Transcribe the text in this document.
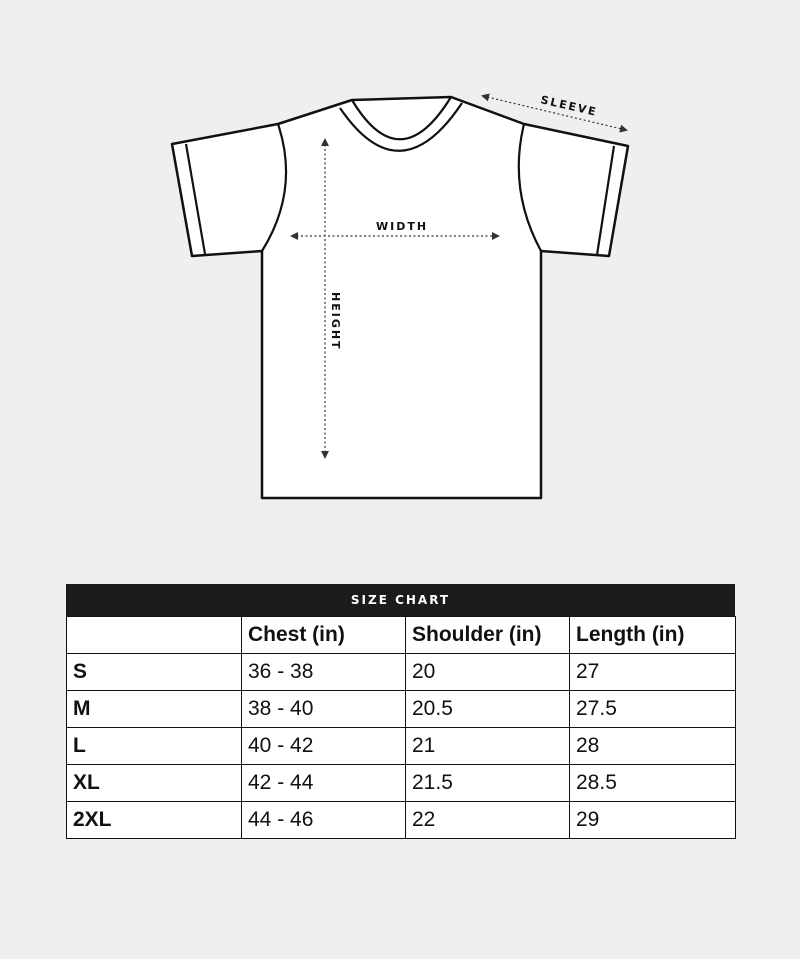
SLEEVE
WIDTH
HEIGHT
SIZE CHART
	Chest (in)	Shoulder (in)	Length (in)
S	36 - 38	20	27
M	38 - 40	20.5	27.5
L	40 - 42	21	28
XL	42 - 44	21.5	28.5
2XL	44 - 46	22	29
